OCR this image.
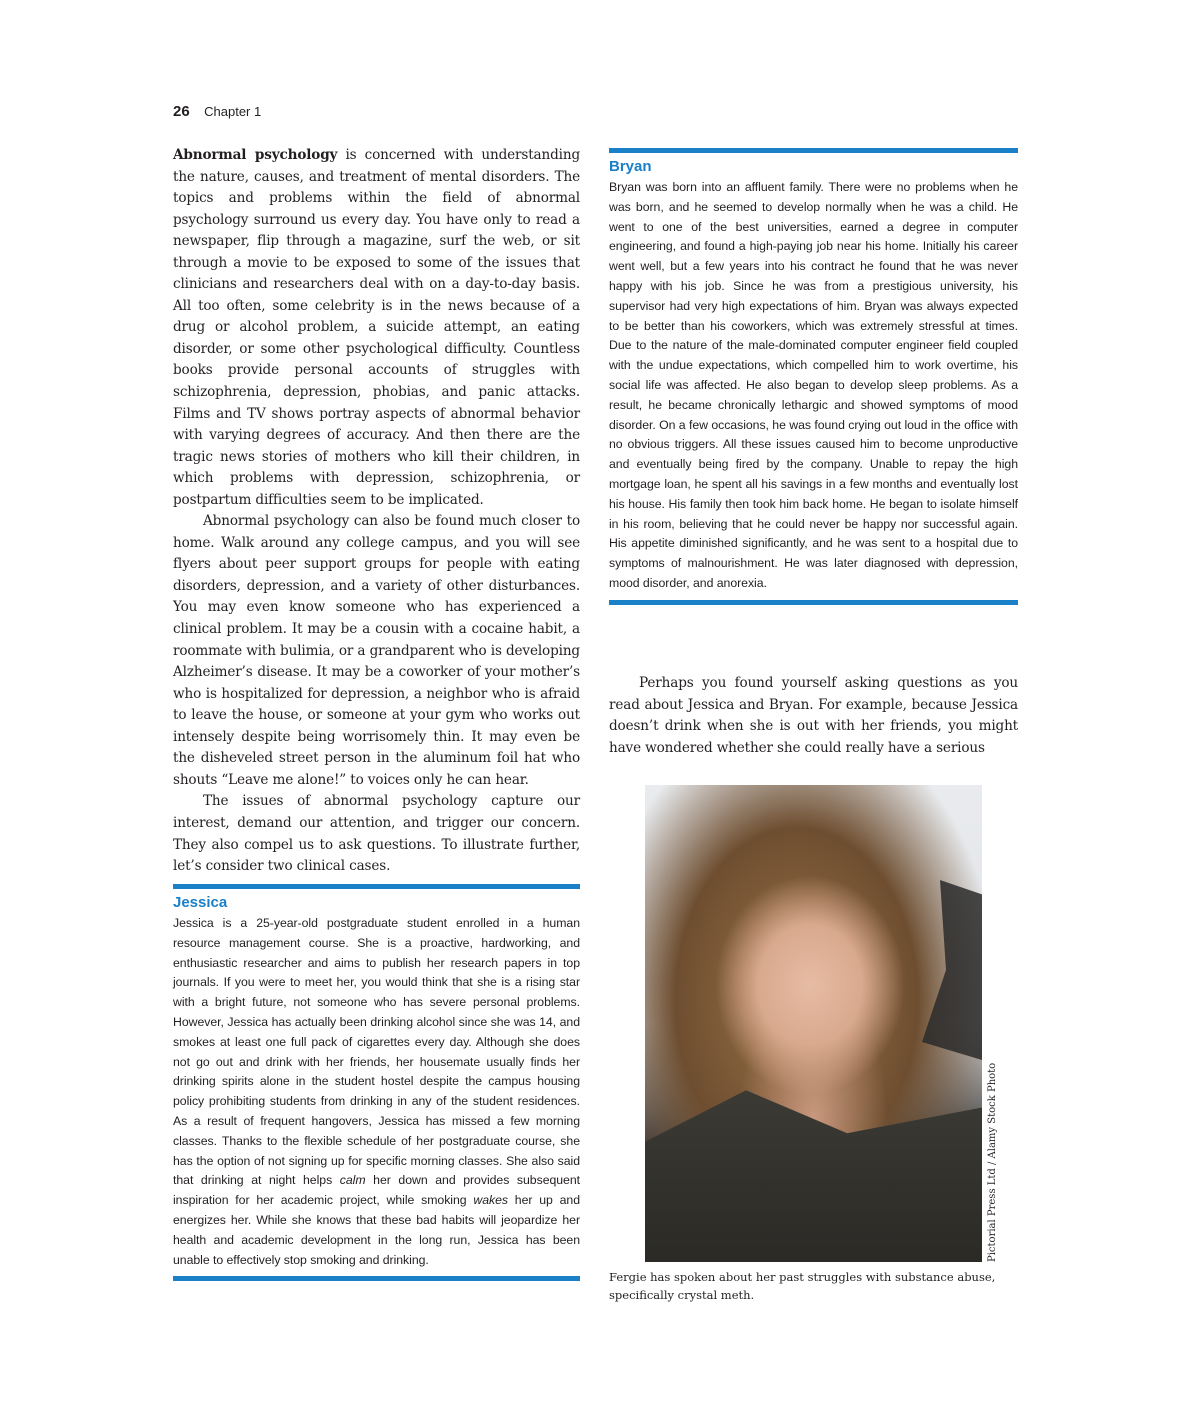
26 Chapter 1

Abnormal psychology is concerned with understanding the nature, causes, and treatment of mental disorders. The topics and problems within the field of abnormal psychology surround us every day. You have only to read a newspaper, flip through a magazine, surf the web, or sit through a movie to be exposed to some of the issues that clinicians and researchers deal with on a day-to-day basis. All too often, some celebrity is in the news because of a drug or alcohol problem, a suicide attempt, an eating disorder, or some other psychological difficulty. Countless books provide personal accounts of struggles with schizophrenia, depression, phobias, and panic attacks. Films and TV shows portray aspects of abnormal behavior with varying degrees of accuracy. And then there are the tragic news stories of mothers who kill their children, in which problems with depression, schizophrenia, or postpartum difficulties seem to be implicated.

Abnormal psychology can also be found much closer to home. Walk around any college campus, and you will see flyers about peer support groups for people with eating disorders, depression, and a variety of other disturbances. You may even know someone who has experienced a clinical problem. It may be a cousin with a cocaine habit, a roommate with bulimia, or a grandparent who is developing Alzheimer’s disease. It may be a coworker of your mother’s who is hospitalized for depression, a neighbor who is afraid to leave the house, or someone at your gym who works out intensely despite being worrisomely thin. It may even be the disheveled street person in the aluminum foil hat who shouts “Leave me alone!” to voices only he can hear.

The issues of abnormal psychology capture our interest, demand our attention, and trigger our concern. They also compel us to ask questions. To illustrate further, let’s consider two clinical cases.

Jessica

Jessica is a 25-year-old postgraduate student enrolled in a human resource management course. She is a proactive, hardworking, and enthusiastic researcher and aims to publish her research papers in top journals. If you were to meet her, you would think that she is a rising star with a bright future, not someone who has severe personal problems. However, Jessica has actually been drinking alcohol since she was 14, and smokes at least one full pack of cigarettes every day. Although she does not go out and drink with her friends, her housemate usually finds her drinking spirits alone in the student hostel despite the campus housing policy prohibiting students from drinking in any of the student residences. As a result of frequent hangovers, Jessica has missed a few morning classes. Thanks to the flexible schedule of her postgraduate course, she has the option of not signing up for specific morning classes. She also said that drinking at night helps calm her down and provides subsequent inspiration for her academic project, while smoking wakes her up and energizes her. While she knows that these bad habits will jeopardize her health and academic development in the long run, Jessica has been unable to effectively stop smoking and drinking.

Bryan

Bryan was born into an affluent family. There were no problems when he was born, and he seemed to develop normally when he was a child. He went to one of the best universities, earned a degree in computer engineering, and found a high-paying job near his home. Initially his career went well, but a few years into his contract he found that he was never happy with his job. Since he was from a prestigious university, his supervisor had very high expectations of him. Bryan was always expected to be better than his coworkers, which was extremely stressful at times. Due to the nature of the male-dominated computer engineer field coupled with the undue expectations, which compelled him to work overtime, his social life was affected. He also began to develop sleep problems. As a result, he became chronically lethargic and showed symptoms of mood disorder. On a few occasions, he was found crying out loud in the office with no obvious triggers. All these issues caused him to become unproductive and eventually being fired by the company. Unable to repay the high mortgage loan, he spent all his savings in a few months and eventually lost his house. His family then took him back home. He began to isolate himself in his room, believing that he could never be happy nor successful again. His appetite diminished significantly, and he was sent to a hospital due to symptoms of malnourishment. He was later diagnosed with depression, mood disorder, and anorexia.

Perhaps you found yourself asking questions as you read about Jessica and Bryan. For example, because Jessica doesn’t drink when she is out with her friends, you might have wondered whether she could really have a serious

Pictorial Press Ltd / Alamy Stock Photo

Fergie has spoken about her past struggles with substance abuse, specifically crystal meth.
